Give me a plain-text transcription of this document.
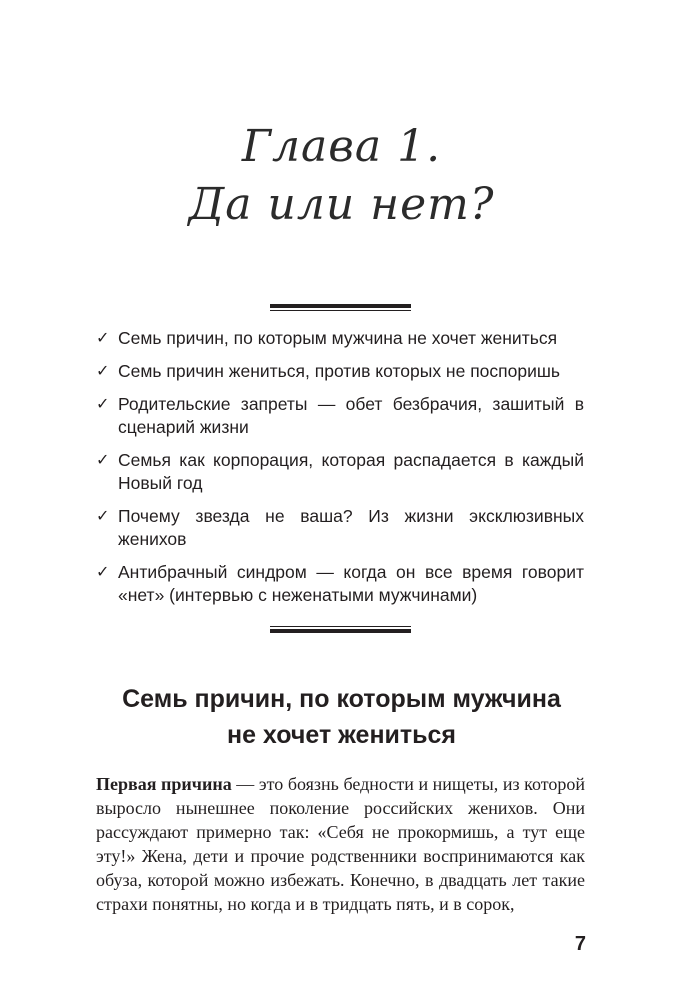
Глава 1.
Да или нет?
✓ Семь причин, по которым мужчина не хочет жениться
✓ Семь причин жениться, против которых не поспоришь
✓ Родительские запреты — обет безбрачия, зашитый в сценарий жизни
✓ Семья как корпорация, которая распадается в каждый Новый год
✓ Почему звезда не ваша? Из жизни эксклюзивных женихов
✓ Антибрачный синдром — когда он все время говорит «нет» (интервью с неженатыми мужчинами)
Семь причин, по которым мужчина
не хочет жениться

Первая причина — это боязнь бедности и нищеты, из которой выросло нынешнее поколение российских женихов. Они рассуждают примерно так: «Себя не прокормишь, а тут еще эту!» Жена, дети и прочие родственники воспринимаются как обуза, которой можно избежать. Конечно, в двадцать лет такие страхи понятны, но когда и в тридцать пять, и в сорок,

7
